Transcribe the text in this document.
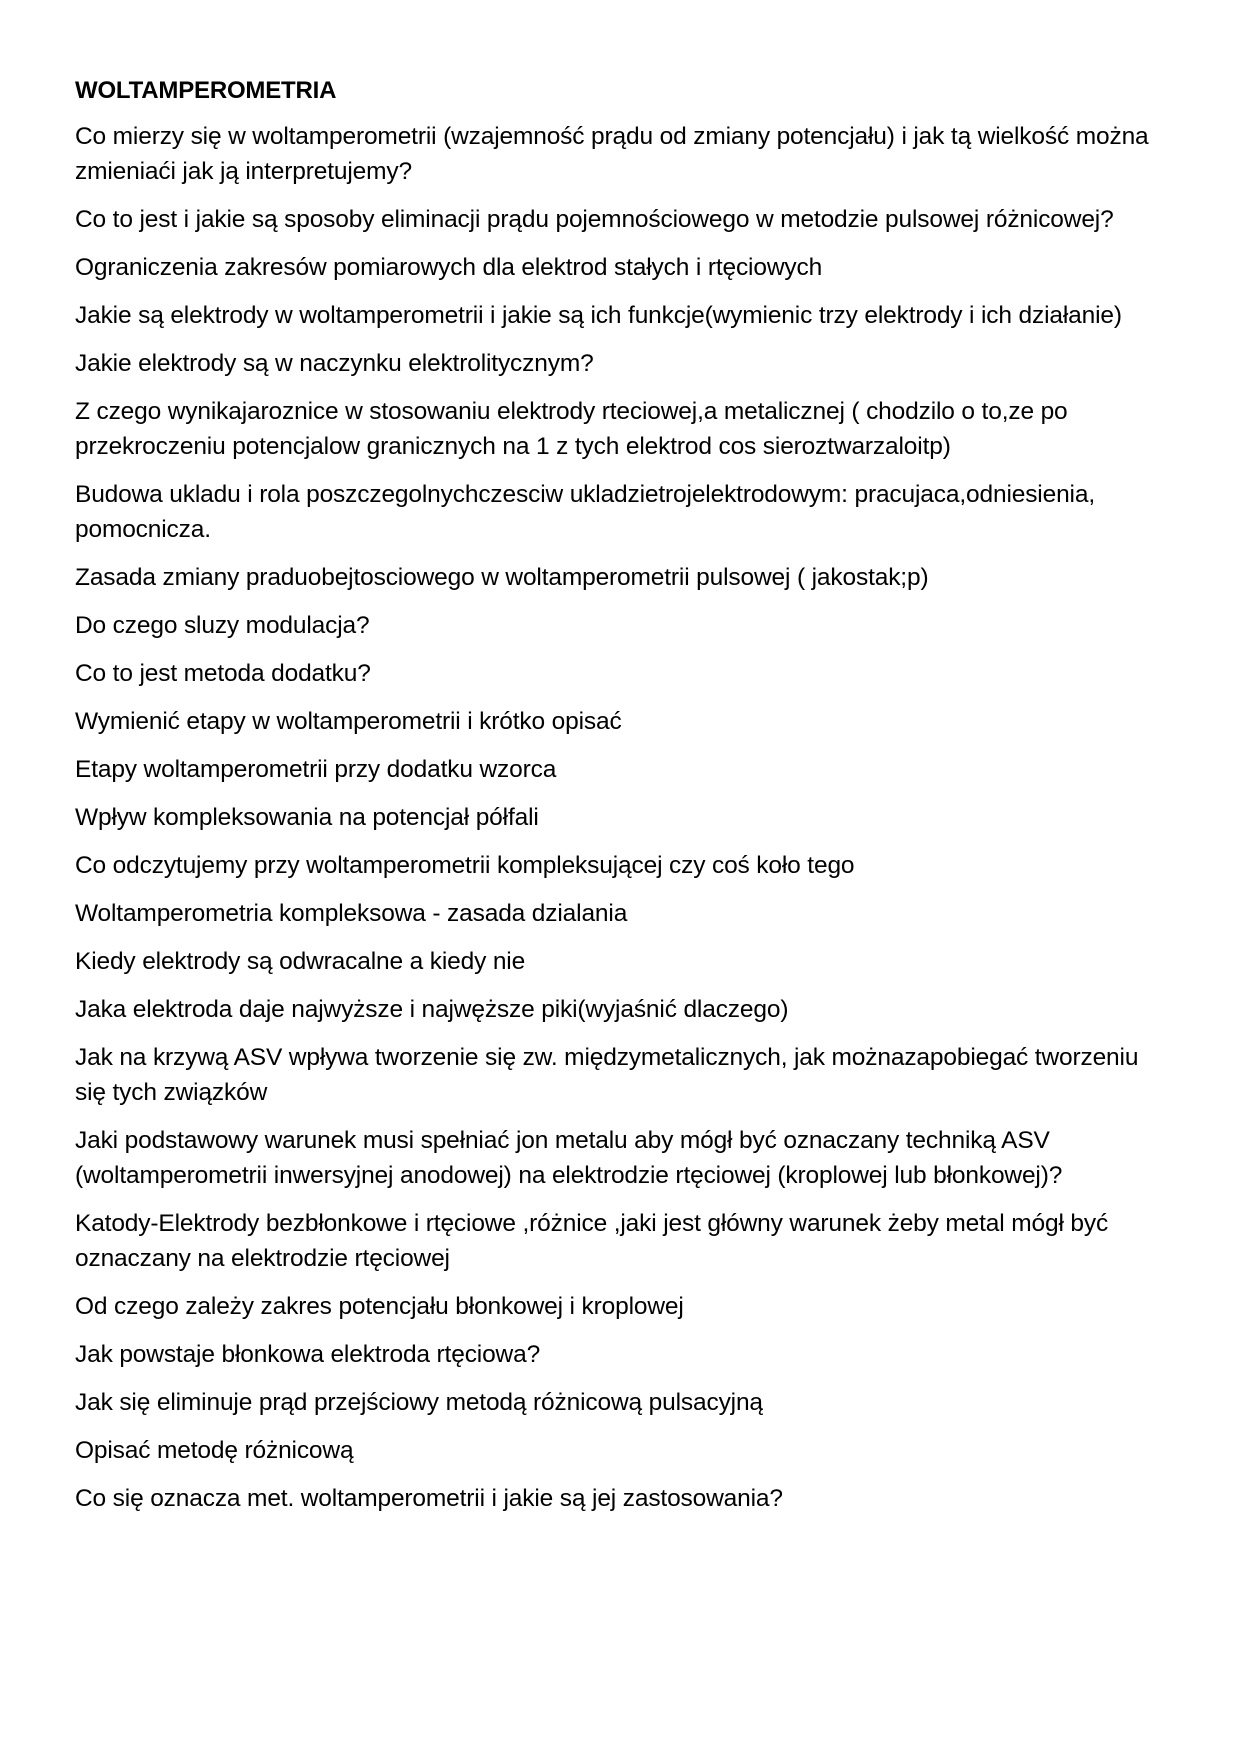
WOLTAMPEROMETRIA

Co mierzy się w woltamperometrii (wzajemność prądu od zmiany potencjału) i jak tą wielkość można zmieniaći jak ją interpretujemy?

Co to jest i jakie są sposoby eliminacji prądu pojemnościowego w metodzie pulsowej różnicowej?

Ograniczenia zakresów pomiarowych dla elektrod stałych i rtęciowych

Jakie są elektrody w woltamperometrii i jakie są ich funkcje(wymienic trzy elektrody i ich działanie)

Jakie elektrody są w naczynku elektrolitycznym?

Z czego wynikajaroznice w stosowaniu elektrody rteciowej,a metalicznej ( chodzilo o to,ze po przekroczeniu potencjalow granicznych na 1 z tych elektrod cos sieroztwarzaloitp)

Budowa ukladu i rola poszczegolnychczesciw ukladzietrojelektrodowym: pracujaca,odniesienia, pomocnicza.

Zasada zmiany praduobejtosciowego w woltamperometrii pulsowej ( jakostak;p)

Do czego sluzy modulacja?

Co to jest metoda dodatku?

Wymienić etapy w woltamperometrii i krótko opisać

Etapy woltamperometrii przy dodatku wzorca

Wpływ kompleksowania na potencjał półfali

Co odczytujemy przy woltamperometrii kompleksującej czy coś koło tego

Woltamperometria kompleksowa - zasada dzialania

Kiedy elektrody są odwracalne a kiedy nie

Jaka elektroda daje najwyższe i najwęższe piki(wyjaśnić dlaczego)

Jak na krzywą ASV wpływa tworzenie się zw. międzymetalicznych, jak możnazapobiegać tworzeniu się tych związków

Jaki podstawowy warunek musi spełniać jon metalu aby mógł być oznaczany techniką ASV (woltamperometrii inwersyjnej anodowej) na elektrodzie rtęciowej (kroplowej lub błonkowej)?

Katody-Elektrody bezbłonkowe i rtęciowe ,różnice ,jaki jest główny warunek żeby metal mógł być oznaczany na elektrodzie rtęciowej

Od czego zależy zakres potencjału błonkowej i kroplowej

Jak powstaje błonkowa elektroda rtęciowa?

Jak się eliminuje prąd przejściowy metodą różnicową pulsacyjną

Opisać metodę różnicową

Co się oznacza met. woltamperometrii i jakie są jej zastosowania?
